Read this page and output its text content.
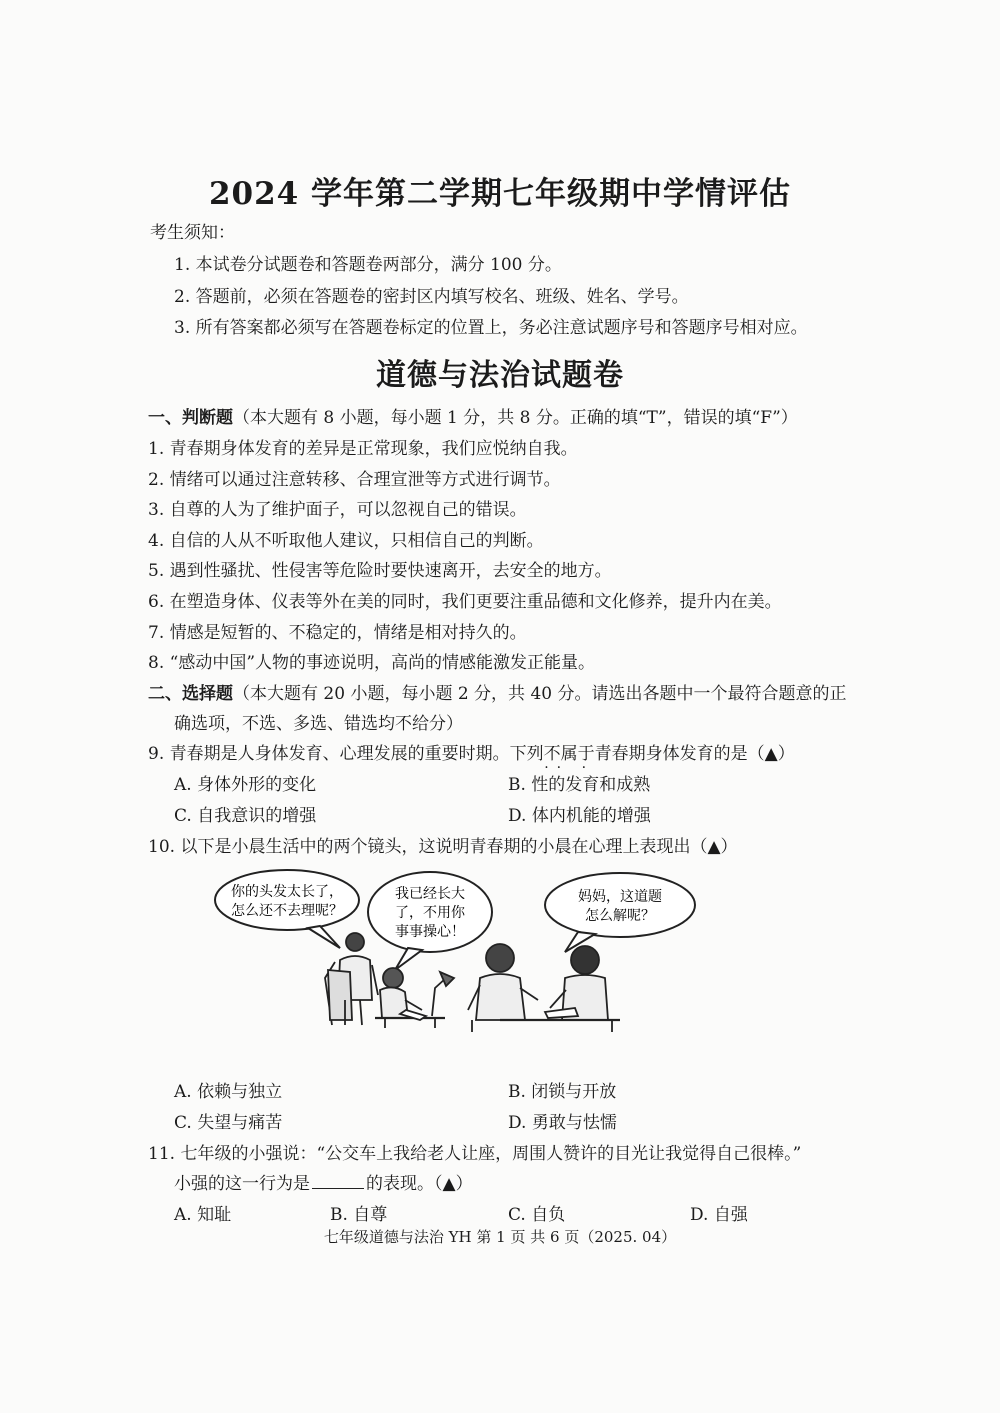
2024 学年第二学期七年级期中学情评估
考生须知：
1. 本试卷分试题卷和答题卷两部分，满分 100 分。
2. 答题前，必须在答题卷的密封区内填写校名、班级、姓名、学号。
3. 所有答案都必须写在答题卷标定的位置上，务必注意试题序号和答题序号相对应。
道德与法治试题卷
一、判断题（本大题有 8 小题，每小题 1 分，共 8 分。正确的填“T”，错误的填“F”）
1. 青春期身体发育的差异是正常现象，我们应悦纳自我。
2. 情绪可以通过注意转移、合理宣泄等方式进行调节。
3. 自尊的人为了维护面子，可以忽视自己的错误。
4. 自信的人从不听取他人建议，只相信自己的判断。
5. 遇到性骚扰、性侵害等危险时要快速离开，去安全的地方。
6. 在塑造身体、仪表等外在美的同时，我们更要注重品德和文化修养，提升内在美。
7. 情感是短暂的、不稳定的，情绪是相对持久的。
8. “感动中国”人物的事迹说明，高尚的情感能激发正能量。
二、选择题（本大题有 20 小题，每小题 2 分，共 40 分。请选出各题中一个最符合题意的正
确选项，不选、多选、错选均不给分）
9. 青春期是人身体发育、心理发展的重要时期。下列不属于
·· ·
青春期身体发育的是（▲）
A. 身体外形的变化	B. 性的发育和成熟
C. 自我意识的增强	D. 体内机能的增强
10. 以下是小晨生活中的两个镜头，这说明青春期的小晨在心理上表现出（▲）
你的头发太长了，
怎么还不去理呢？
我已经长大
了，不用你
事事操心！
妈妈，这道题
怎么解呢？
A. 依赖与独立	B. 闭锁与开放
C. 失望与痛苦	D. 勇敢与怯懦
11. 七年级的小强说：“公交车上我给老人让座，周围人赞许的目光让我觉得自己很棒。”
小强的这一行为是	的表现。（▲）
A. 知耻	B. 自尊	C. 自负	D. 自强
七年级道德与法治 YH 第 1 页 共 6 页（2025. 04）
